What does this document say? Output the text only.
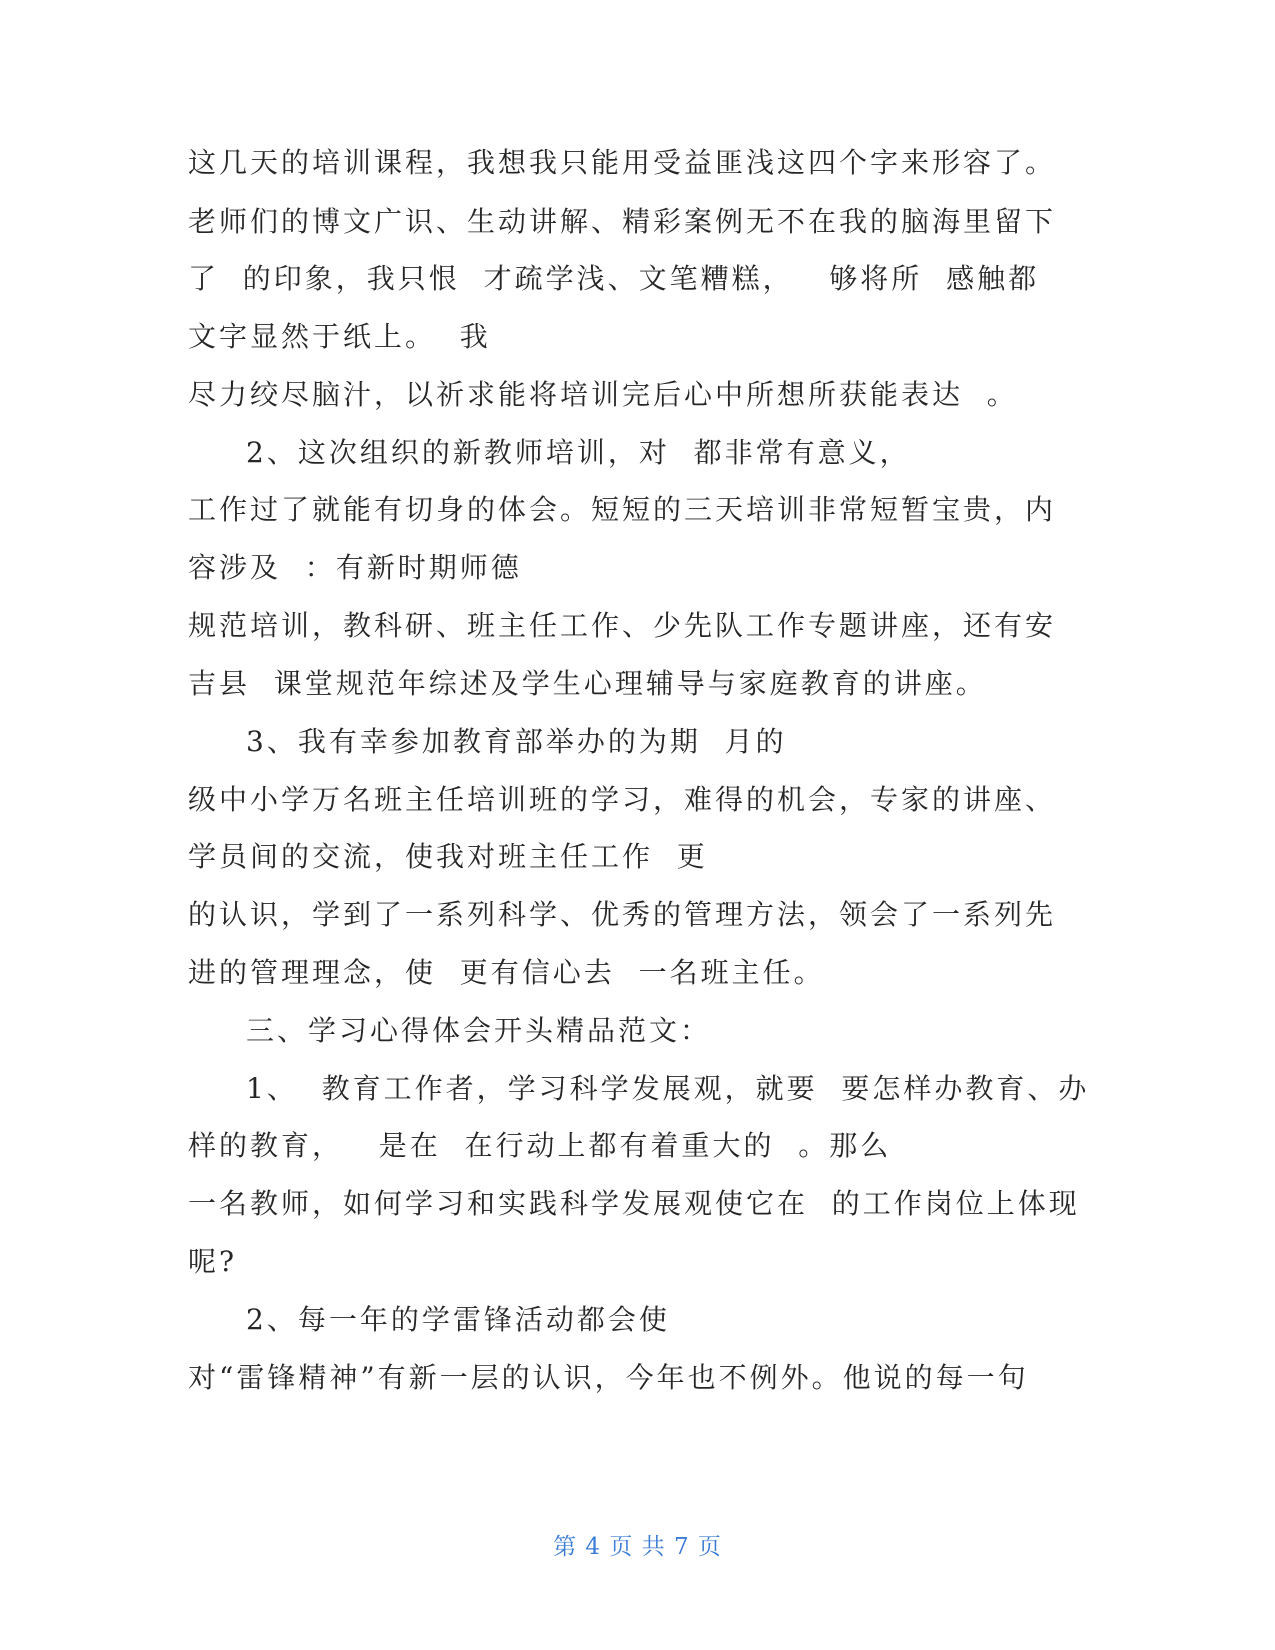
这几天的培训课程，我想我只能用受益匪浅这四个字来形容了。
老师们的博文广识、生动讲解、精彩案例无不在我的脑海里留下
了  的印象，我只恨  才疏学浅、文笔糟糕，   够将所  感触都
文字显然于纸上。  我
尽力绞尽脑汁，以祈求能将培训完后心中所想所获能表达  。
2、这次组织的新教师培训，对  都非常有意义，
工作过了就能有切身的体会。短短的三天培训非常短暂宝贵，内
容涉及  ：有新时期师德
规范培训，教科研、班主任工作、少先队工作专题讲座，还有安
吉县  课堂规范年综述及学生心理辅导与家庭教育的讲座。
3、我有幸参加教育部举办的为期  月的
级中小学万名班主任培训班的学习，难得的机会，专家的讲座、
学员间的交流，使我对班主任工作  更
的认识，学到了一系列科学、优秀的管理方法，领会了一系列先
进的管理理念，使  更有信心去  一名班主任。
三、学习心得体会开头精品范文：
1、  教育工作者，学习科学发展观，就要  要怎样办教育、办
样的教育，   是在  在行动上都有着重大的  。那么
一名教师，如何学习和实践科学发展观使它在  的工作岗位上体现
呢?
2、每一年的学雷锋活动都会使
对“雷锋精神”有新一层的认识，今年也不例外。他说的每一句
第 4 页 共 7 页
